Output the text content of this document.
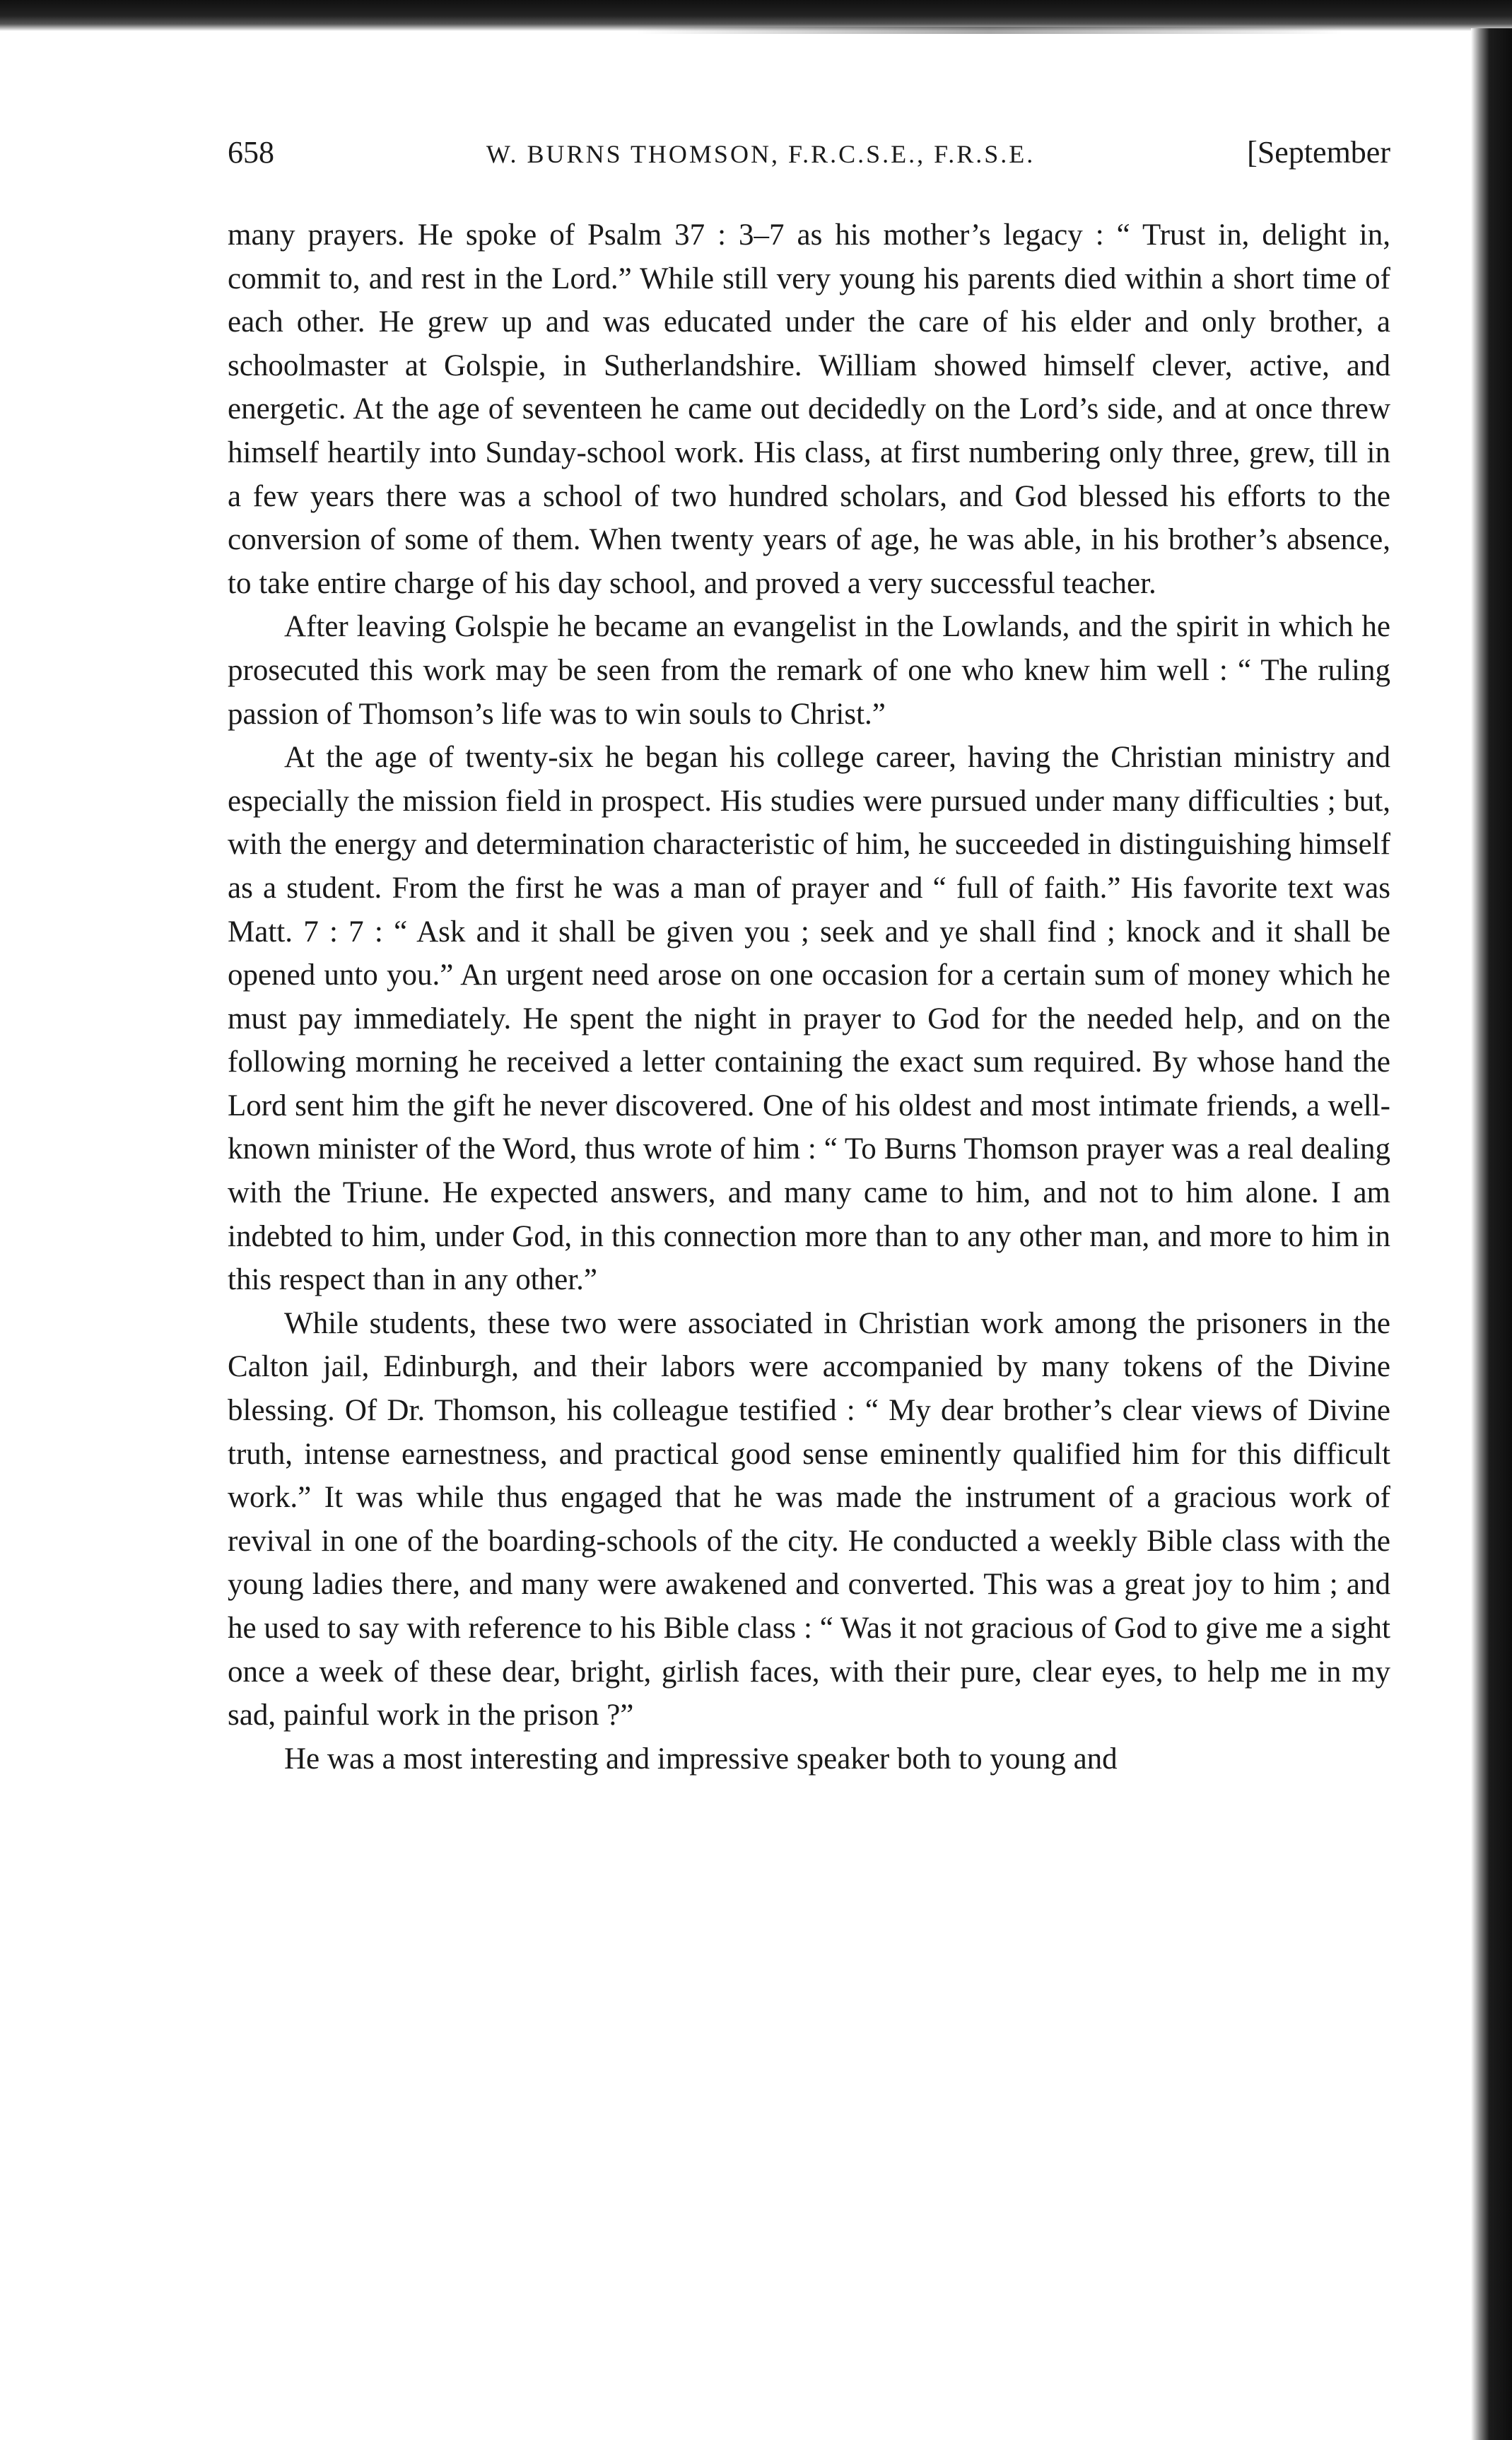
658	W. BURNS THOMSON, F.R.C.S.E., F.R.S.E.	[September

many prayers. He spoke of Psalm 37 : 3–7 as his mother’s legacy : “ Trust in, delight in, commit to, and rest in the Lord.” While still very young his parents died within a short time of each other. He grew up and was educated under the care of his elder and only brother, a schoolmaster at Golspie, in Sutherlandshire. William showed himself clever, active, and energetic. At the age of seventeen he came out decidedly on the Lord’s side, and at once threw himself heartily into Sunday-school work. His class, at first numbering only three, grew, till in a few years there was a school of two hundred scholars, and God blessed his efforts to the conversion of some of them. When twenty years of age, he was able, in his brother’s absence, to take entire charge of his day school, and proved a very successful teacher.

After leaving Golspie he became an evangelist in the Lowlands, and the spirit in which he prosecuted this work may be seen from the remark of one who knew him well : “ The ruling passion of Thomson’s life was to win souls to Christ.”

At the age of twenty-six he began his college career, having the Christian ministry and especially the mission field in prospect. His studies were pursued under many difficulties ; but, with the energy and determination characteristic of him, he succeeded in distinguishing himself as a student. From the first he was a man of prayer and “ full of faith.” His favorite text was Matt. 7 : 7 : “ Ask and it shall be given you ; seek and ye shall find ; knock and it shall be opened unto you.” An urgent need arose on one occasion for a certain sum of money which he must pay immediately. He spent the night in prayer to God for the needed help, and on the following morning he received a letter containing the exact sum required. By whose hand the Lord sent him the gift he never discovered. One of his oldest and most intimate friends, a well-known minister of the Word, thus wrote of him : “ To Burns Thomson prayer was a real dealing with the Triune. He expected answers, and many came to him, and not to him alone. I am indebted to him, under God, in this connection more than to any other man, and more to him in this respect than in any other.”

While students, these two were associated in Christian work among the prisoners in the Calton jail, Edinburgh, and their labors were accompanied by many tokens of the Divine blessing. Of Dr. Thomson, his colleague testified : “ My dear brother’s clear views of Divine truth, intense earnestness, and practical good sense eminently qualified him for this difficult work.” It was while thus engaged that he was made the instrument of a gracious work of revival in one of the boarding-schools of the city. He conducted a weekly Bible class with the young ladies there, and many were awakened and converted. This was a great joy to him ; and he used to say with reference to his Bible class : “ Was it not gracious of God to give me a sight once a week of these dear, bright, girlish faces, with their pure, clear eyes, to help me in my sad, painful work in the prison ?”

He was a most interesting and impressive speaker both to young and
